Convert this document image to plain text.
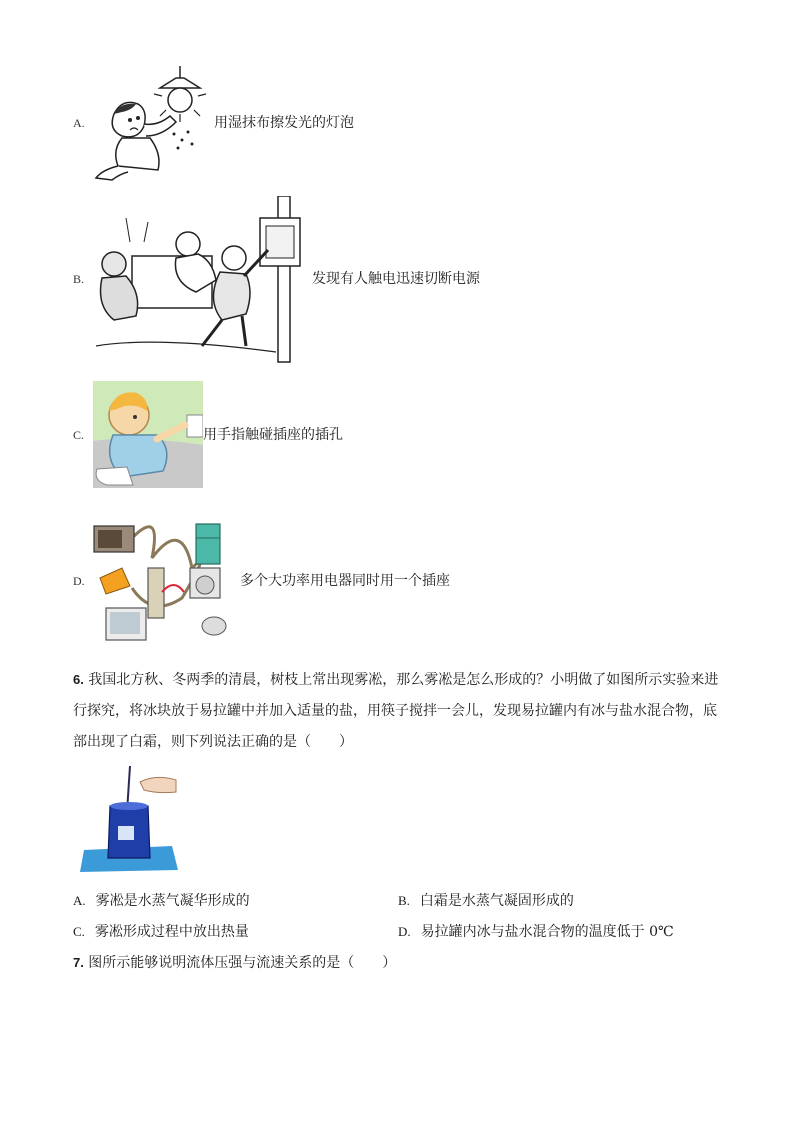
A.	用湿抹布擦发光的灯泡
B.	发现有人触电迅速切断电源
C.	用手指触碰插座的插孔
D.	多个大功率用电器同时用一个插座
6. 我国北方秋、冬两季的清晨，树枝上常出现雾凇，那么雾凇是怎么形成的？小明做了如图所示实验来进行探究，将冰块放于易拉罐中并加入适量的盐，用筷子搅拌一会儿，发现易拉罐内有冰与盐水混合物，底部出现了白霜，则下列说法正确的是（　　）
A. 雾凇是水蒸气凝华形成的	B. 白霜是水蒸气凝固形成的
C. 雾凇形成过程中放出热量	D. 易拉罐内冰与盐水混合物的温度低于 0℃
7. 图所示能够说明流体压强与流速关系的是（　　）
